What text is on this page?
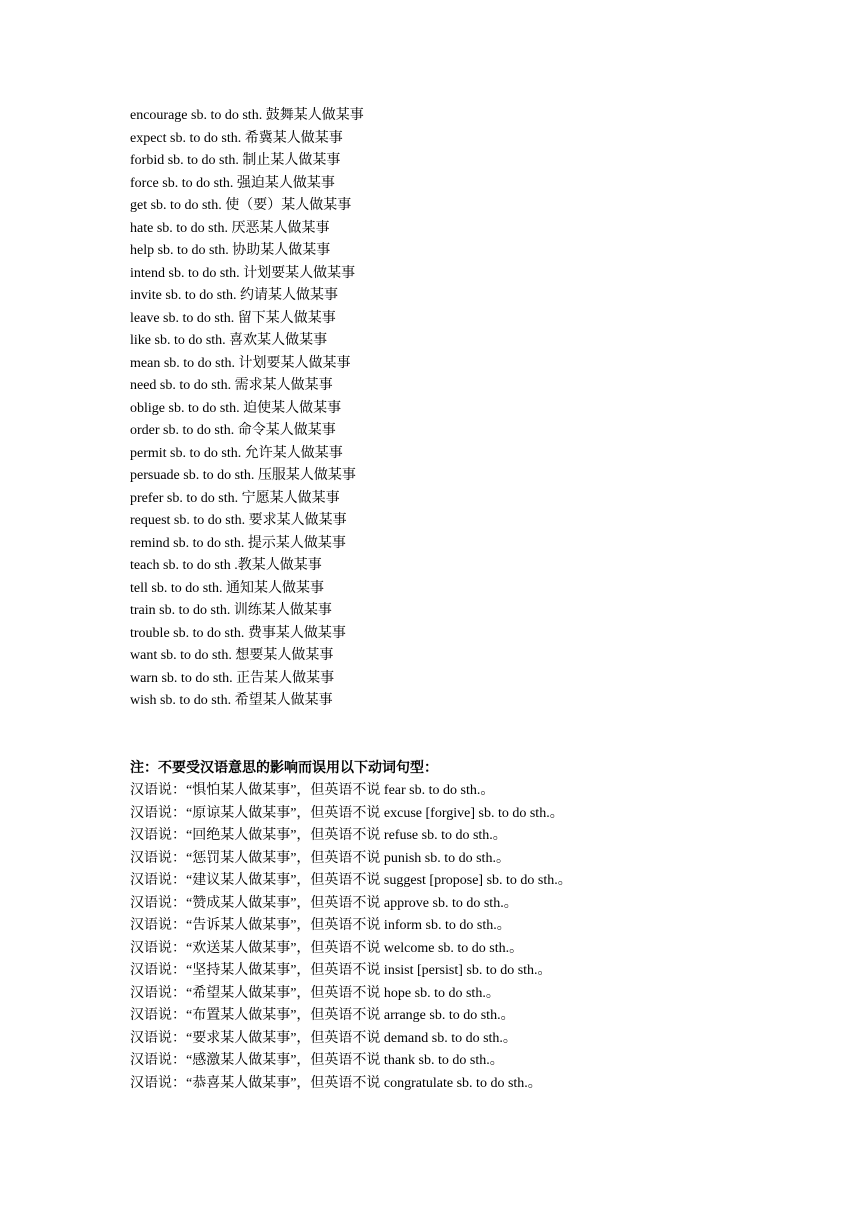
encourage sb. to do sth. 鼓舞某人做某事
expect sb. to do sth. 希冀某人做某事
forbid sb. to do sth. 制止某人做某事
force sb. to do sth. 强迫某人做某事
get sb. to do sth. 使（要）某人做某事
hate sb. to do sth. 厌恶某人做某事
help sb. to do sth. 协助某人做某事
intend sb. to do sth. 计划要某人做某事
invite sb. to do sth. 约请某人做某事
leave sb. to do sth. 留下某人做某事
like sb. to do sth. 喜欢某人做某事
mean sb. to do sth. 计划要某人做某事
need sb. to do sth. 需求某人做某事
oblige sb. to do sth. 迫使某人做某事
order sb. to do sth. 命令某人做某事
permit sb. to do sth. 允许某人做某事
persuade sb. to do sth. 压服某人做某事
prefer sb. to do sth. 宁愿某人做某事
request sb. to do sth. 要求某人做某事
remind sb. to do sth. 提示某人做某事
teach sb. to do sth .教某人做某事
tell sb. to do sth. 通知某人做某事
train sb. to do sth. 训练某人做某事
trouble sb. to do sth. 费事某人做某事
want sb. to do sth. 想要某人做某事
warn sb. to do sth. 正告某人做某事
wish sb. to do sth. 希望某人做某事
注：不要受汉语意思的影响而误用以下动词句型：
汉语说：“惧怕某人做某事”，但英语不说 fear sb. to do sth.。
汉语说：“原谅某人做某事”，但英语不说 excuse [forgive] sb. to do sth.。
汉语说：“回绝某人做某事”，但英语不说 refuse sb. to do sth.。
汉语说：“惩罚某人做某事”，但英语不说 punish sb. to do sth.。
汉语说：“建议某人做某事”，但英语不说 suggest [propose] sb. to do sth.。
汉语说：“赞成某人做某事”，但英语不说 approve sb. to do sth.。
汉语说：“告诉某人做某事”，但英语不说 inform sb. to do sth.。
汉语说：“欢送某人做某事”，但英语不说 welcome sb. to do sth.。
汉语说：“坚持某人做某事”，但英语不说 insist [persist] sb. to do sth.。
汉语说：“希望某人做某事”，但英语不说 hope sb. to do sth.。
汉语说：“布置某人做某事”，但英语不说 arrange sb. to do sth.。
汉语说：“要求某人做某事”，但英语不说 demand sb. to do sth.。
汉语说：“感激某人做某事”，但英语不说 thank sb. to do sth.。
汉语说：“恭喜某人做某事”，但英语不说 congratulate sb. to do sth.。
